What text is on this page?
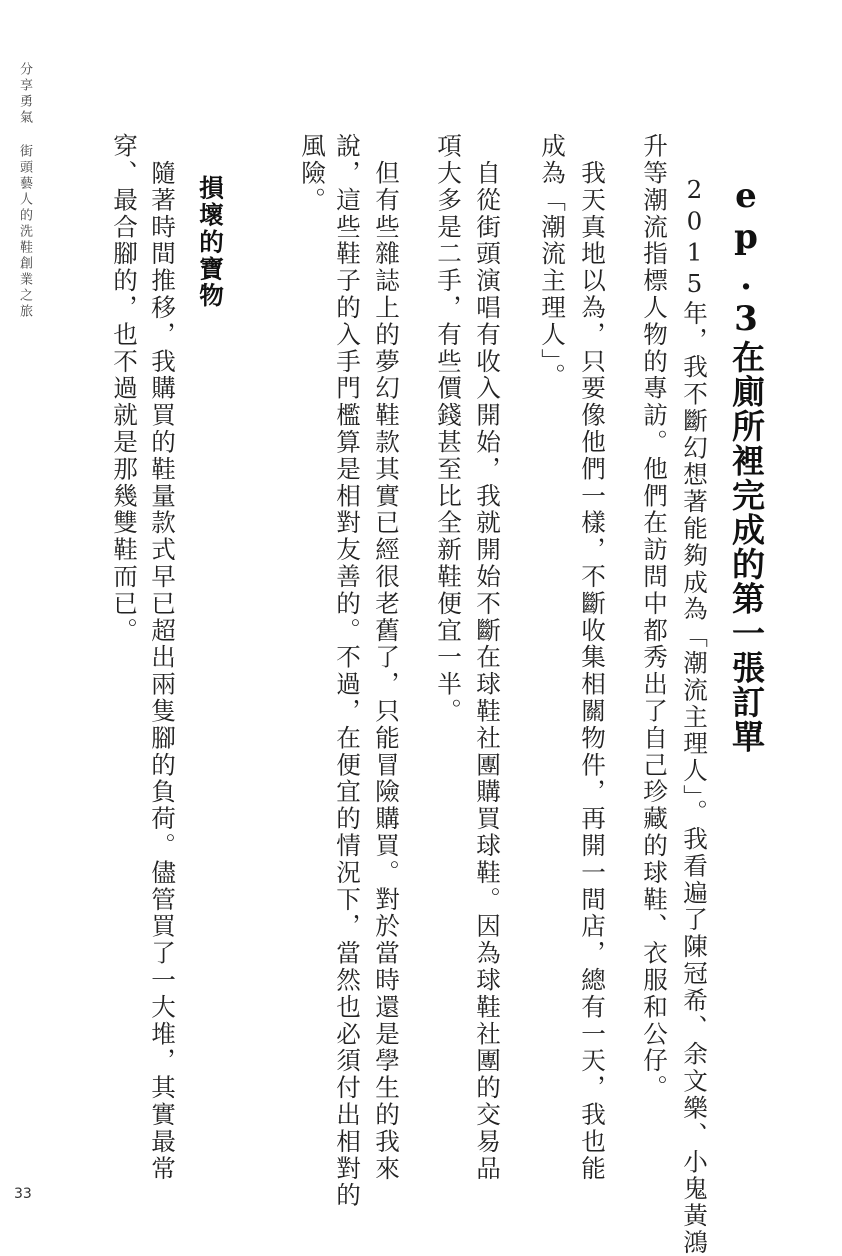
分享勇氣 街頭藝人的洗鞋創業之旅
33
ep.3在廁所裡完成的第一張訂單
2015年，我不斷幻想著能夠成為「潮流主理人」。我看遍了陳冠希、余文樂、小鬼黃鴻
升等潮流指標人物的專訪。他們在訪問中都秀出了自己珍藏的球鞋、衣服和公仔。
　我天真地以為，只要像他們一樣，不斷收集相關物件，再開一間店，總有一天，我也能
成為「潮流主理人」。
　自從街頭演唱有收入開始，我就開始不斷在球鞋社團購買球鞋。因為球鞋社團的交易品
項大多是二手，有些價錢甚至比全新鞋便宜一半。
　但有些雜誌上的夢幻鞋款其實已經很老舊了，只能冒險購買。對於當時還是學生的我來
說，這些鞋子的入手門檻算是相對友善的。不過，在便宜的情況下，當然也必須付出相對的
風險。
損壞的寶物
　隨著時間推移，我購買的鞋量款式早已超出兩隻腳的負荷。儘管買了一大堆，其實最常
穿、最合腳的，也不過就是那幾雙鞋而已。
